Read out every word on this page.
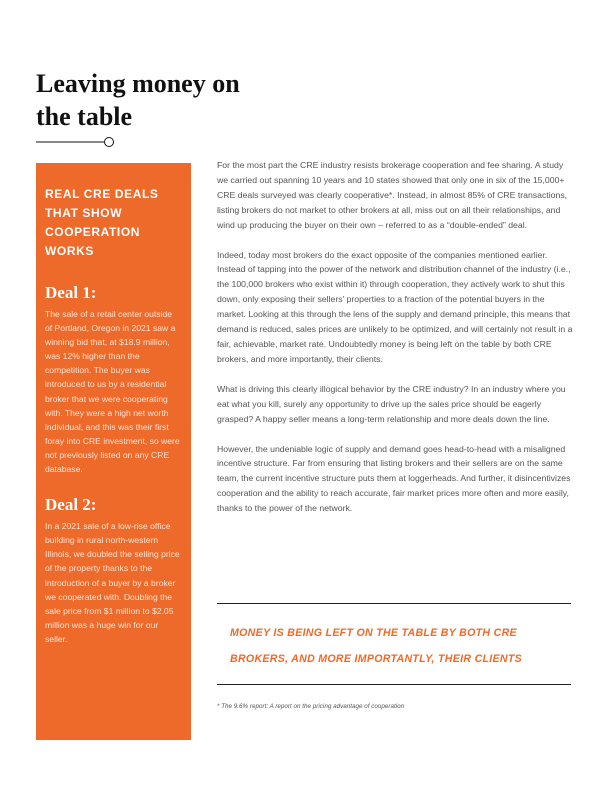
Leaving money on the table
REAL CRE DEALS THAT SHOW COOPERATION WORKS
Deal 1:

The sale of a retail center outside of Portland, Oregon in 2021 saw a winning bid that, at $18.9 million, was 12% higher than the competition. The buyer was introduced to us by a residential broker that we were cooperating with. They were a high net worth individual, and this was their first foray into CRE investment, so were not previously listed on any CRE database.

Deal 2:

In a 2021 sale of a low-rise office building in rural north-western Illinois, we doubled the selling price of the property thanks to the introduction of a buyer by a broker we cooperated with. Doubling the sale price from $1 million to $2.05 million was a huge win for our seller.

For the most part the CRE industry resists brokerage cooperation and fee sharing. A study we carried out spanning 10 years and 10 states showed that only one in six of the 15,000+ CRE deals surveyed was clearly cooperative*. Instead, in almost 85% of CRE transactions, listing brokers do not market to other brokers at all, miss out on all their relationships, and wind up producing the buyer on their own – referred to as a “double-ended” deal.

Indeed, today most brokers do the exact opposite of the companies mentioned earlier. Instead of tapping into the power of the network and distribution channel of the industry (i.e., the 100,000 brokers who exist within it) through cooperation, they actively work to shut this down, only exposing their sellers’ properties to a fraction of the potential buyers in the market. Looking at this through the lens of the supply and demand principle, this means that demand is reduced, sales prices are unlikely to be optimized, and will certainly not result in a fair, achievable, market rate. Undoubtedly money is being left on the table by both CRE brokers, and more importantly, their clients.

What is driving this clearly illogical behavior by the CRE industry? In an industry where you eat what you kill, surely any opportunity to drive up the sales price should be eagerly grasped? A happy seller means a long-term relationship and more deals down the line.

However, the undeniable logic of supply and demand goes head-to-head with a misaligned incentive structure. Far from ensuring that listing brokers and their sellers are on the same team, the current incentive structure puts them at loggerheads. And further, it disincentivizes cooperation and the ability to reach accurate, fair market prices more often and more easily, thanks to the power of the network.

MONEY IS BEING LEFT ON THE TABLE BY BOTH CRE BROKERS, AND MORE IMPORTANTLY, THEIR CLIENTS
* The 9.6% report: A report on the pricing advantage of cooperation
